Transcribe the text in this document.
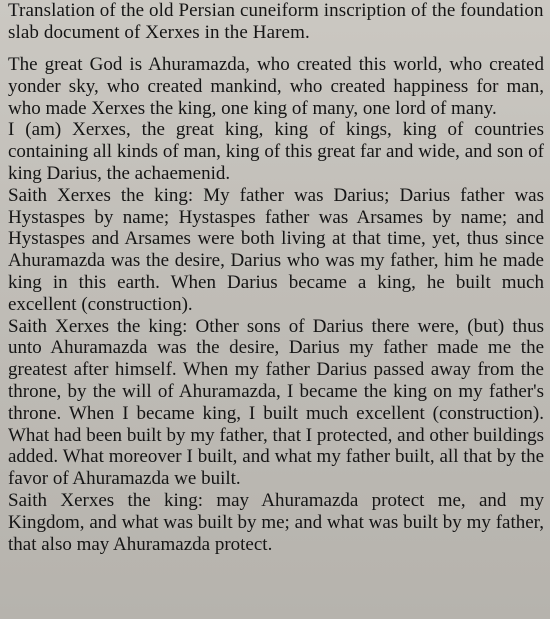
Translation of the old Persian cuneiform inscription of the foundation slab document of Xerxes in the Harem.

The great God is Ahuramazda, who created this world, who created yonder sky, who created mankind, who created happiness for man, who made Xerxes the king, one king of many, one lord of many.

I (am) Xerxes, the great king, king of kings, king of countries containing all kinds of man, king of this great far and wide, and son of king Darius, the achaemenid.

Saith Xerxes the king: My father was Darius; Darius father was Hystaspes by name; Hystaspes father was Arsames by name; and Hystaspes and Arsames were both living at that time, yet, thus since Ahuramazda was the desire, Darius who was my father, him he made king in this earth. When Darius became a king, he built much excellent (construction).

Saith Xerxes the king: Other sons of Darius there were, (but) thus unto Ahuramazda was the desire, Darius my father made me the greatest after himself. When my father Darius passed away from the throne, by the will of Ahuramazda, I became the king on my father's throne. When I became king, I built much excellent (construction). What had been built by my father, that I protected, and other buildings added. What moreover I built, and what my father built, all that by the favor of Ahuramazda we built.

Saith Xerxes the king: may Ahuramazda protect me, and my Kingdom, and what was built by me; and what was built by my father, that also may Ahuramazda protect.
